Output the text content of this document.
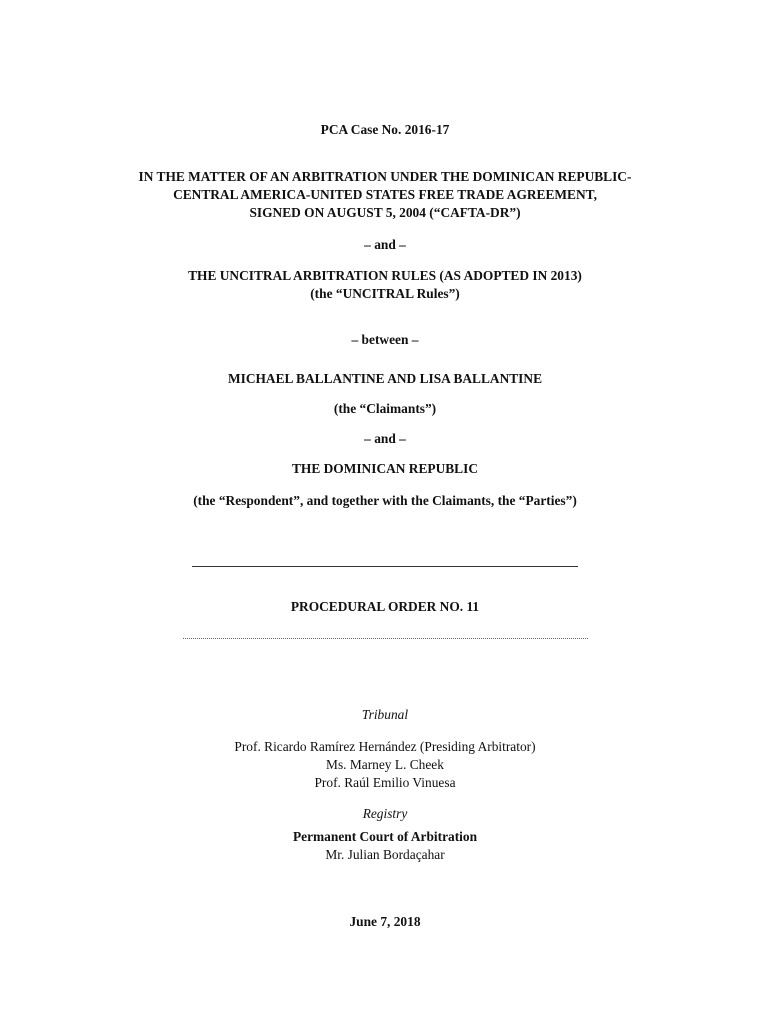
PCA Case No. 2016-17
IN THE MATTER OF AN ARBITRATION UNDER THE DOMINICAN REPUBLIC-
CENTRAL AMERICA-UNITED STATES FREE TRADE AGREEMENT,
SIGNED ON AUGUST 5, 2004 (“CAFTA-DR”)
– and –
THE UNCITRAL ARBITRATION RULES (AS ADOPTED IN 2013)
(the “UNCITRAL Rules”)
– between –
MICHAEL BALLANTINE AND LISA BALLANTINE
(the “Claimants”)
– and –
THE DOMINICAN REPUBLIC
(the “Respondent”, and together with the Claimants, the “Parties”)
PROCEDURAL ORDER NO. 11
Tribunal
Prof. Ricardo Ramírez Hernández (Presiding Arbitrator)
Ms. Marney L. Cheek
Prof. Raúl Emilio Vinuesa
Registry
Permanent Court of Arbitration
Mr. Julian Bordaçahar
June 7, 2018
